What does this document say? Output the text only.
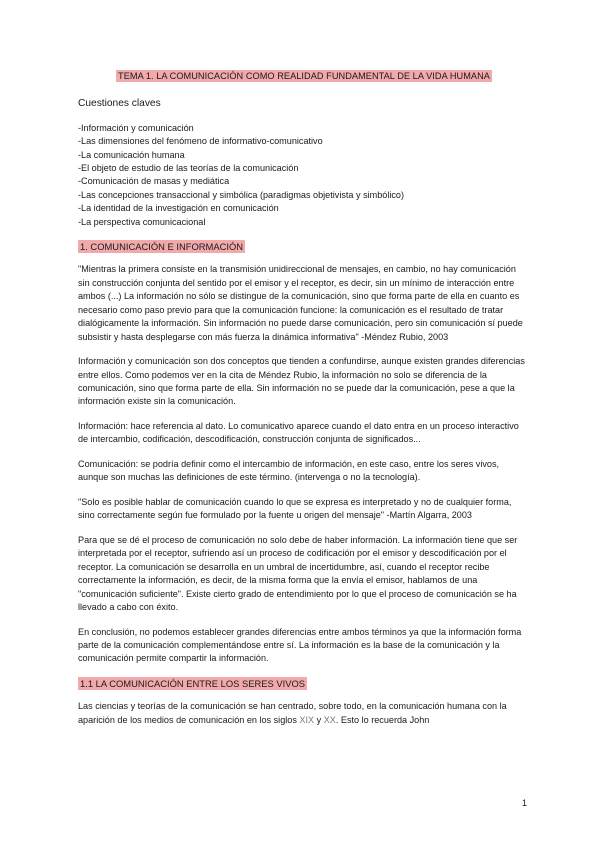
TEMA 1. LA COMUNICACIÓN COMO REALIDAD FUNDAMENTAL DE LA VIDA HUMANA
Cuestiones claves
-Información y comunicación
-Las dimensiones del fenómeno de informativo-comunicativo
-La comunicación humana
-El objeto de estudio de las teorías de la comunicación
-Comunicación de masas y mediática
-Las concepciones transaccional y simbólica (paradigmas objetivista y simbólico)
-La identidad de la investigación en comunicación
-La perspectiva comunicacional
1. COMUNICACIÓN E INFORMACIÓN

"Mientras la primera consiste en la transmisión unidireccional de mensajes, en cambio, no hay comunicación sin construcción conjunta del sentido por el emisor y el receptor, es decir, sin un mínimo de interacción entre ambos (...) La información no sólo se distingue de la comunicación, sino que forma parte de ella en cuanto es necesario como paso previo para que la comunicación funcione: la comunicación es el resultado de tratar dialógicamente la información. Sin información no puede darse comunicación, pero sin comunicación sí puede subsistir y hasta desplegarse con más fuerza la dinámica informativa" -Méndez Rubio, 2003

Información y comunicación son dos conceptos que tienden a confundirse, aunque existen grandes diferencias entre ellos. Como podemos ver en la cita de Méndez Rubio, la información no solo se diferencia de la comunicación, sino que forma parte de ella. Sin información no se puede dar la comunicación, pese a que la información existe sin la comunicación.

Información: hace referencia al dato. Lo comunicativo aparece cuando el dato entra en un proceso interactivo de intercambio, codificación, descodificación, construcción conjunta de significados...

Comunicación: se podría definir como el intercambio de información, en este caso, entre los seres vivos, aunque son muchas las definiciones de este término. (intervenga o no la tecnología).

"Solo es posible hablar de comunicación cuando lo que se expresa es interpretado y no de cualquier forma, sino correctamente según fue formulado por la fuente u origen del mensaje" -Martín Algarra, 2003

Para que se dé el proceso de comunicación no solo debe de haber información. La información tiene que ser interpretada por el receptor, sufriendo así un proceso de codificación por el emisor y descodificación por el receptor. La comunicación se desarrolla en un umbral de incertidumbre, así, cuando el receptor recibe correctamente la información, es decir, de la misma forma que la envía el emisor, hablamos de una "comunicación suficiente". Existe cierto grado de entendimiento por lo que el proceso de comunicación se ha llevado a cabo con éxito.

En conclusión, no podemos establecer grandes diferencias entre ambos términos ya que la información forma parte de la comunicación complementándose entre sí. La información es la base de la comunicación y la comunicación permite compartir la información.

1.1 LA COMUNICACIÓN ENTRE LOS SERES VIVOS

Las ciencias y teorías de la comunicación se han centrado, sobre todo, en la comunicación humana con la aparición de los medios de comunicación en los siglos XIX y XX. Esto lo recuerda John

1
